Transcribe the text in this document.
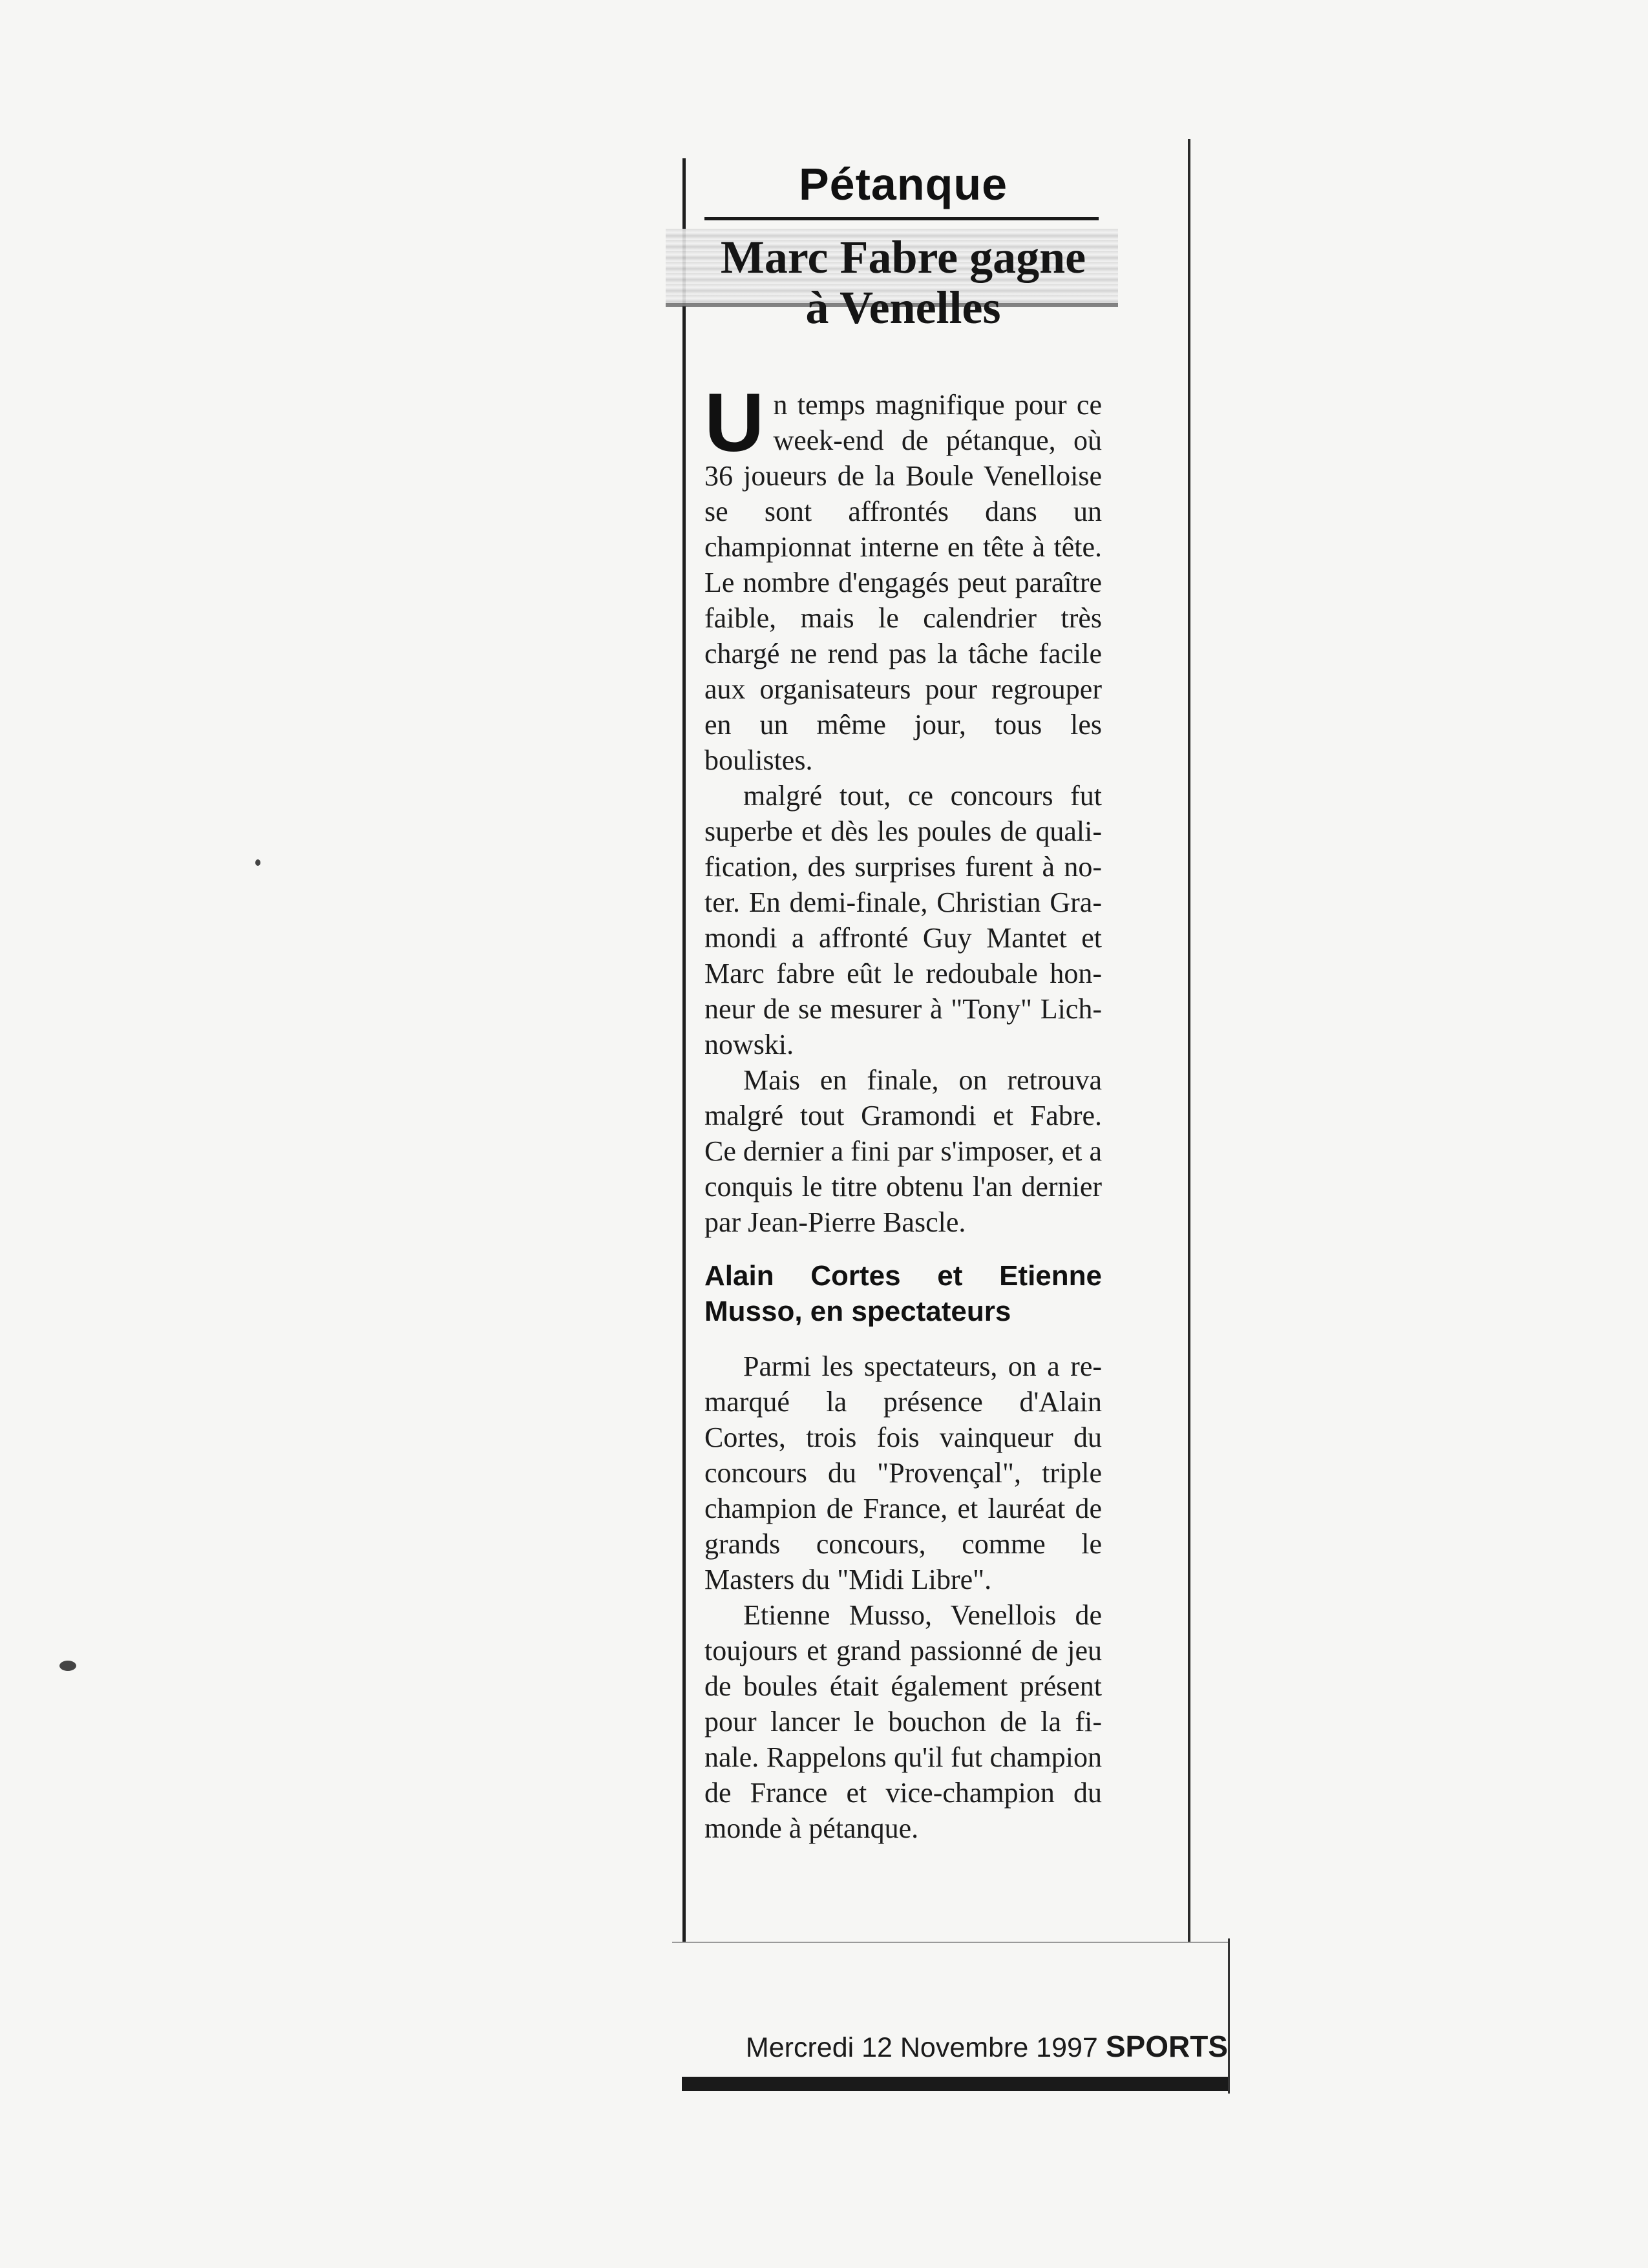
Pétanque
Marc Fabre gagne à Venelles

Un temps magnifique pour ce week-end de pétanque, où 36 joueurs de la Boule Venelloise se sont affrontés dans un championnat interne en tête à tête. Le nombre d'engagés peut paraître faible, mais le calendrier très chargé ne rend pas la tâche facile aux organisateurs pour regrouper en un même jour, tous les boulistes.

malgré tout, ce concours fut superbe et dès les poules de qualification, des surprises furent à noter. En demi-finale, Christian Gramondi a affronté Guy Mantet et Marc fabre eût le redoubale honneur de se mesurer à "Tony" Lichnowski.

Mais en finale, on retrouva malgré tout Gramondi et Fabre. Ce dernier a fini par s'imposer, et a conquis le titre obtenu l'an dernier par Jean-Pierre Bascle.

Alain Cortes et Etienne Musso, en spectateurs

Parmi les spectateurs, on a remarqué la présence d'Alain Cortes, trois fois vainqueur du concours du "Provençal", triple champion de France, et lauréat de grands concours, comme le Masters du "Midi Libre".

Etienne Musso, Venellois de toujours et grand passionné de jeu de boules était également présent pour lancer le bouchon de la finale. Rappelons qu'il fut champion de France et vice-champion du monde à pétanque.

Mercredi 12 Novembre 1997 SPORTS
